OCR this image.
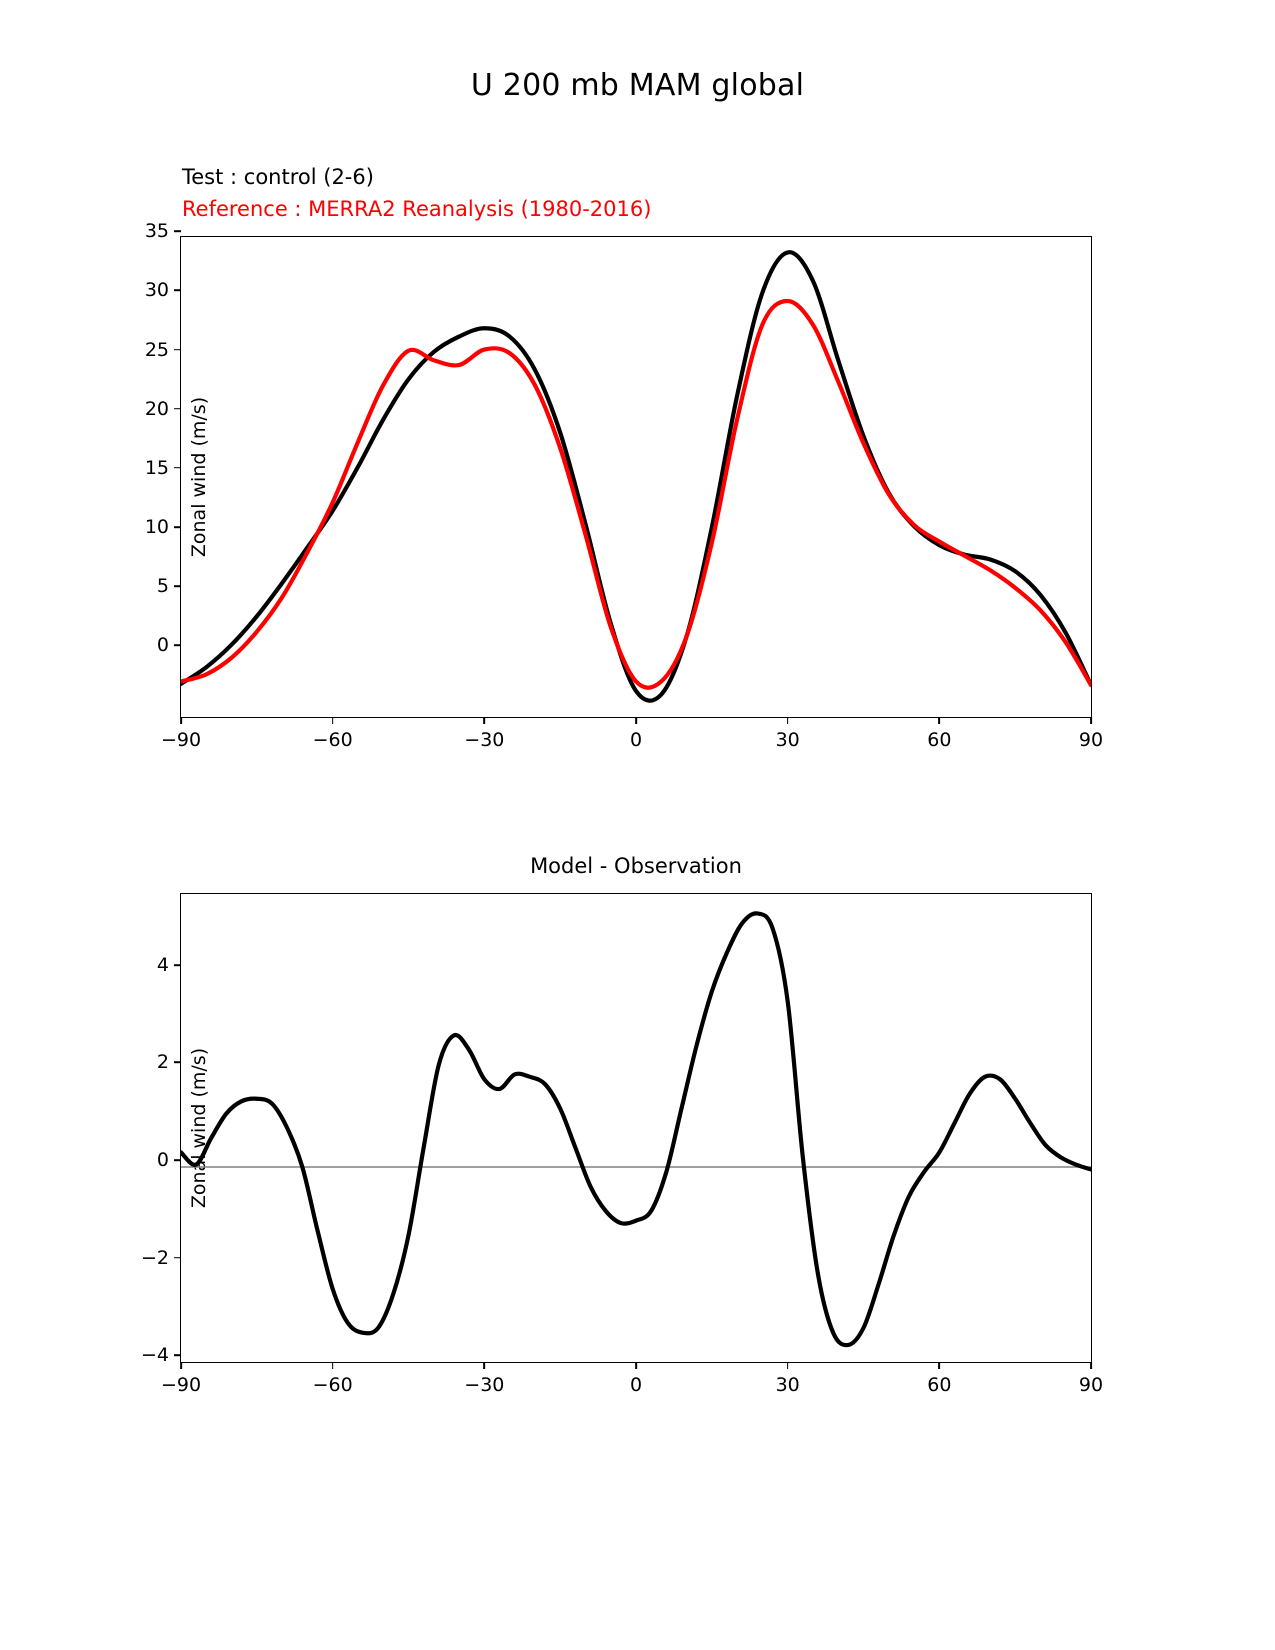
U 200 mb MAM global
Test : control (2-6)
Reference : MERRA2 Reanalysis (1980-2016)
Zonal wind (m/s)
0
5
10
15
20
25
30
35
−90	−60	−30	0	30	60	90
Model - Observation
Zonal wind (m/s)
−4
−2
0
2
4
−90	−60	−30	0	30	60	90
